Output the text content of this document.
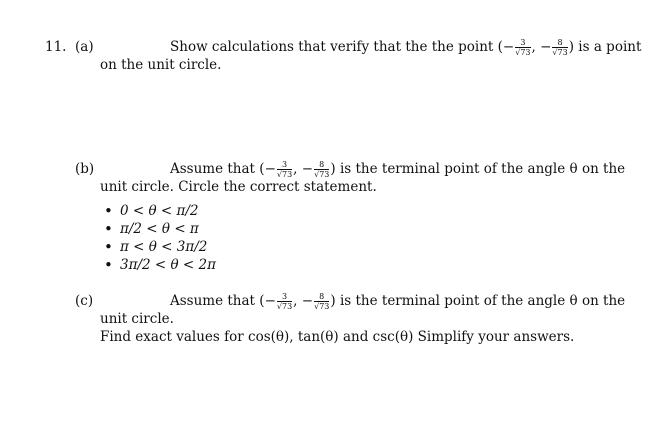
11. (a)	Show calculations that verify that the the point (− $\frac{3}{√73}$ , − $\frac{8}{√73}$ ) is a point
on the unit circle.
(b)	Assume that (− $\frac{3}{√73}$ , − $\frac{8}{√73}$ ) is the terminal point of the angle θ on the
unit circle. Circle the correct statement.
• 0 < θ < π/2
• π/2 < θ < π
• π < θ < 3π/2
• 3π/2 < θ < 2π
(c)	Assume that (− $\frac{3}{√73}$ , − $\frac{8}{√73}$ ) is the terminal point of the angle θ on the
unit circle.
Find exact values for cos(θ), tan(θ) and csc(θ) Simplify your answers.
